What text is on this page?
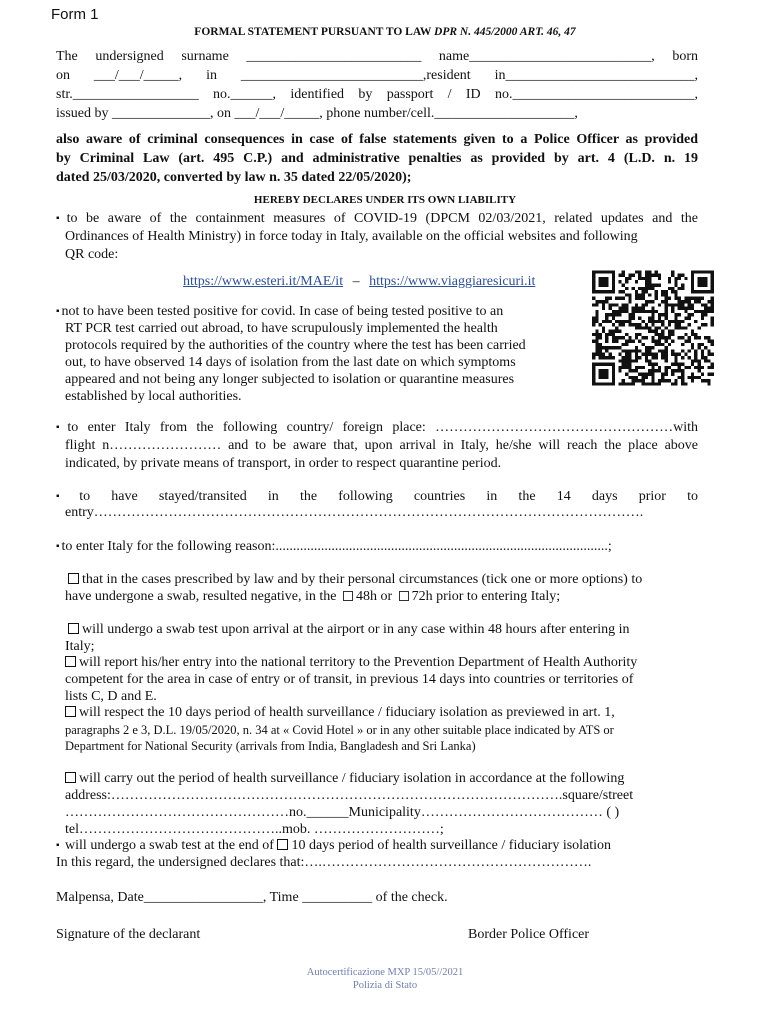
Form 1
FORMAL STATEMENT PURSUANT TO LAW DPR N. 445/2000 ART. 46, 47
The undersigned surname _________________________ name__________________________, born
on ___/___/_____, in __________________________,resident in___________________________,
str.__________________ no.______, identified by passport / ID no.__________________________,
issued by ______________, on ___/___/_____, phone number/cell.____________________,
also aware of criminal consequences in case of false statements given to a Police Officer as provided
by Criminal Law (art. 495 C.P.) and administrative penalties as provided by art. 4 (L.D. n. 19
dated 25/03/2020, converted by law n. 35 dated 22/05/2020);
HEREBY DECLARES UNDER ITS OWN LIABILITY
▪ to be aware of the containment measures of COVID-19 (DPCM 02/03/2021, related updates and the
Ordinances of Health Ministry) in force today in Italy, available on the official websites and following
QR code:
https://www.esteri.it/MAE/it – https://www.viaggiaresicuri.it
▪ not to have been tested positive for covid. In case of being tested positive to an
RT PCR test carried out abroad, to have scrupulously implemented the health
protocols required by the authorities of the country where the test has been carried
out, to have observed 14 days of isolation from the last date on which symptoms
appeared and not being any longer subjected to isolation or quarantine measures
established by local authorities.
▪ to enter Italy from the following country/ foreign place: ……………………………………………with
flight n…………………… and to be aware that, upon arrival in Italy, he/she will reach the place above
indicated, by private means of transport, in order to respect quarantine period.
▪ to have stayed/transited in the following countries in the 14 days prior to
entry……………………………………………………………………………………………………….
▪ to enter Italy for the following reason:...............................................................................................;
that in the cases prescribed by law and by their personal circumstances (tick one or more options) to
have undergone a swab, resulted negative, in the 48h or 72h prior to entering Italy;
will undergo a swab test upon arrival at the airport or in any case within 48 hours after entering in
Italy;
will report his/her entry into the national territory to the Prevention Department of Health Authority
competent for the area in case of entry or of transit, in previous 14 days into countries or territories of
lists C, D and E.
will respect the 10 days period of health surveillance / fiduciary isolation as previewed in art. 1,
paragraphs 2 e 3, D.L. 19/05/2020, n. 34 at « Covid Hotel » or in any other suitable place indicated by ATS or
Department for National Security (arrivals from India, Bangladesh and Sri Lanka)
will carry out the period of health surveillance / fiduciary isolation in accordance at the following
address:…………………………………………………………………………………….square/street
…………………………………………no.______Municipality………………………………… ( )
tel……………………………………..mob. ………………………;
▪ will undergo a swab test at the end of 10 days period of health surveillance / fiduciary isolation
In this regard, the undersigned declares that:….………………………………………………….
Malpensa, Date_________________, Time __________ of the check.
Signature of the declarant	Border Police Officer
Autocertificazione MXP 15/05//2021
Polizia di Stato
